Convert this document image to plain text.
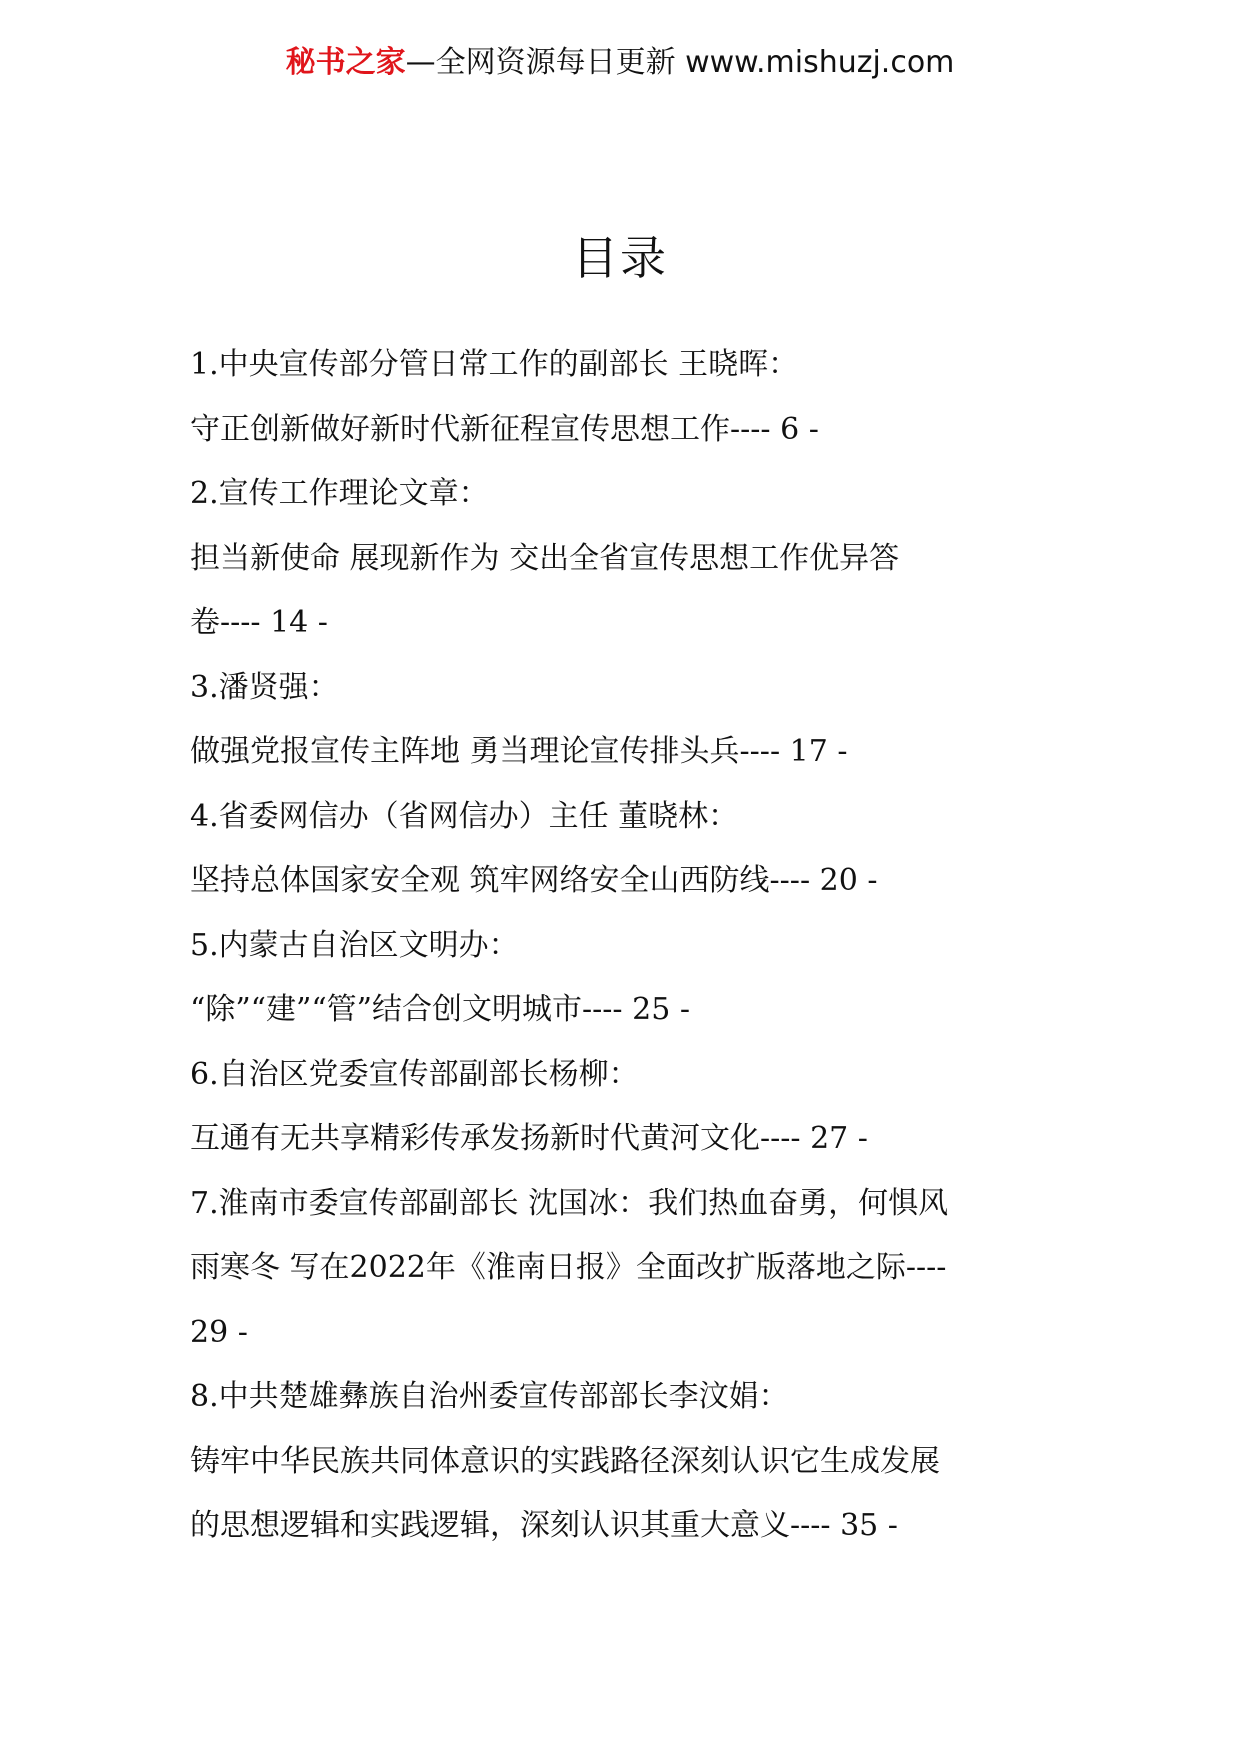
秘书之家—全网资源每日更新 www.mishuzj.com
目录
1.中央宣传部分管日常工作的副部长 王晓晖：
守正创新做好新时代新征程宣传思想工作---- 6 -
2.宣传工作理论文章：
担当新使命 展现新作为 交出全省宣传思想工作优异答
卷---- 14 -
3.潘贤强：
做强党报宣传主阵地 勇当理论宣传排头兵---- 17 -
4.省委网信办（省网信办）主任 董晓林：
坚持总体国家安全观 筑牢网络安全山西防线---- 20 -
5.内蒙古自治区文明办：
“除”“建”“管”结合创文明城市---- 25 -
6.自治区党委宣传部副部长杨柳：
互通有无共享精彩传承发扬新时代黄河文化---- 27 -
7.淮南市委宣传部副部长 沈国冰：我们热血奋勇，何惧风
雨寒冬 写在2022年《淮南日报》全面改扩版落地之际----
29 -
8.中共楚雄彝族自治州委宣传部部长李汶娟：
铸牢中华民族共同体意识的实践路径深刻认识它生成发展
的思想逻辑和实践逻辑，深刻认识其重大意义---- 35 -
